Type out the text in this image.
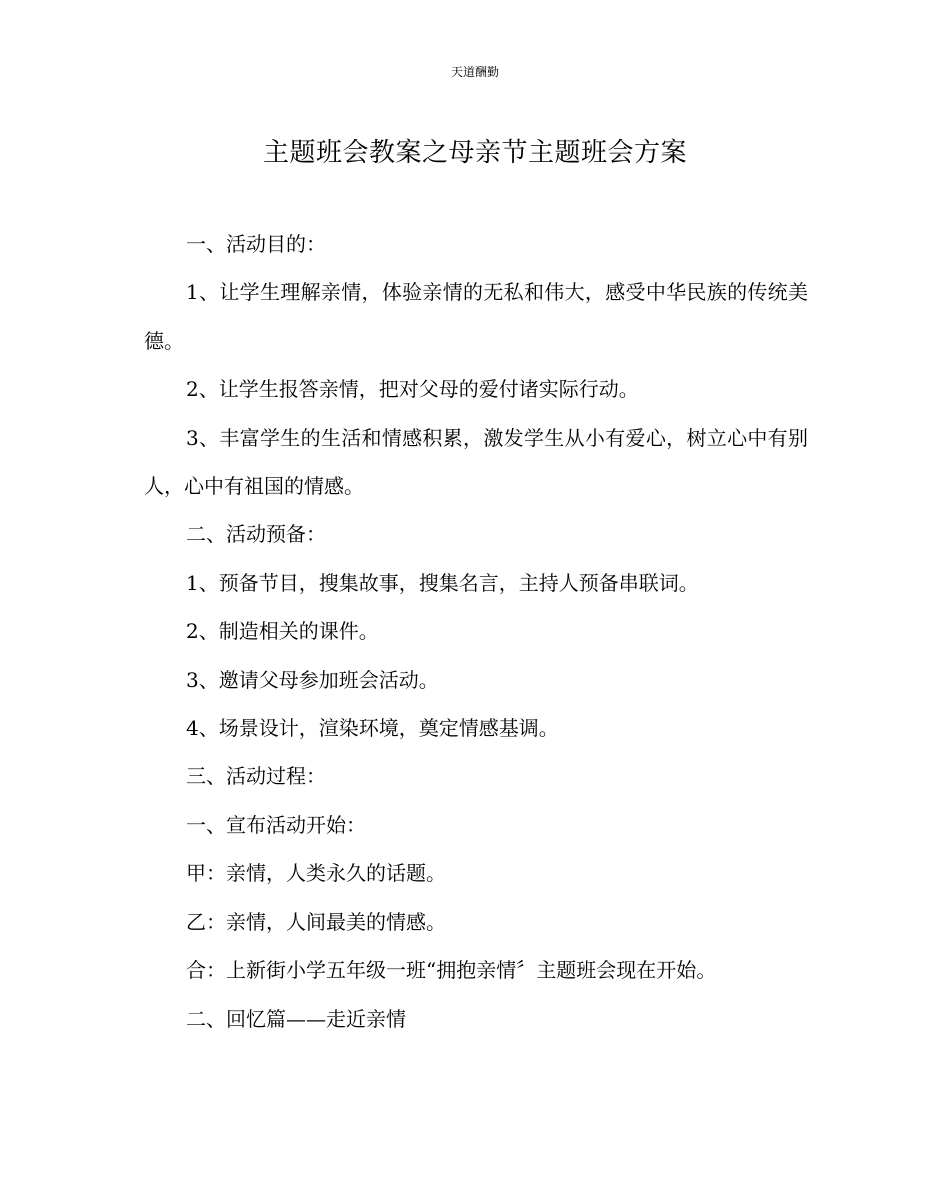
天道酬勤
主题班会教案之母亲节主题班会方案

一、活动目的：

1、让学生理解亲情，体验亲情的无私和伟大，感受中华民族的传统美德。

2、让学生报答亲情，把对父母的爱付诸实际行动。

3、丰富学生的生活和情感积累，激发学生从小有爱心，树立心中有别人，心中有祖国的情感。

二、活动预备：

1、预备节目，搜集故事，搜集名言，主持人预备串联词。

2、制造相关的课件。

3、邀请父母参加班会活动。

4、场景设计，渲染环境，奠定情感基调。

三、活动过程：

一、宣布活动开始：

甲：亲情，人类永久的话题。

乙：亲情，人间最美的情感。

合：上新街小学五年级一班“拥抱亲情〞主题班会现在开始。

二、回忆篇——走近亲情
